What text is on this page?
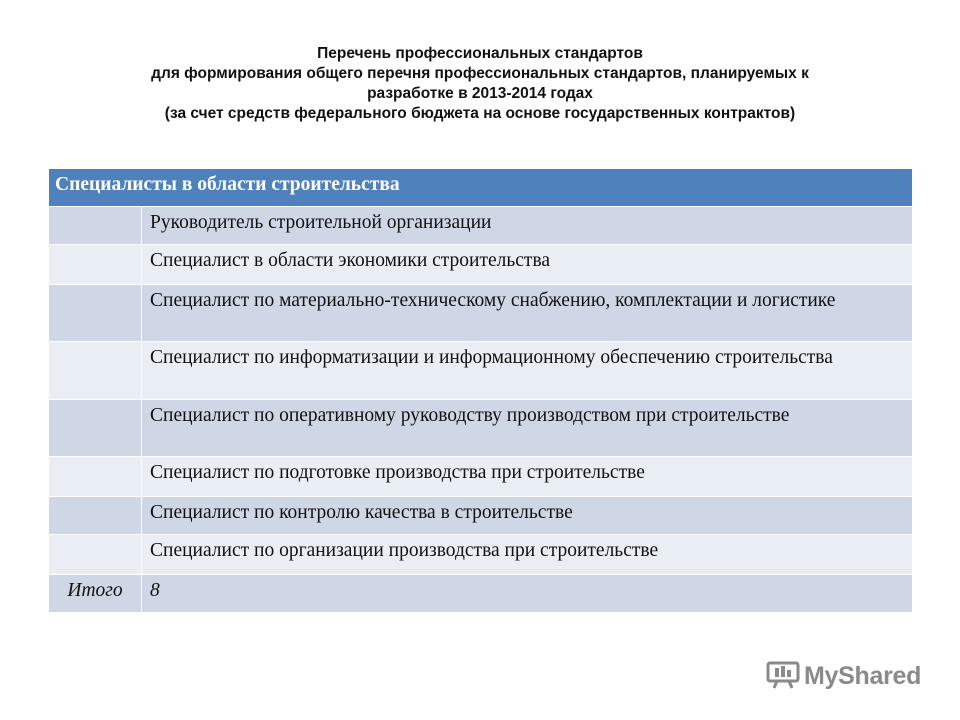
Перечень профессиональных стандартов
для формирования общего перечня профессиональных стандартов, планируемых к
разработке в 2013-2014 годах
(за счет средств федерального бюджета на основе государственных контрактов)
Специалисты в области строительства	
	Руководитель строительной организации
	Специалист в области экономики строительства
	Специалист по материально-техническому снабжению, комплектации и логистике
	Специалист по информатизации и информационному обеспечению строительства
	Специалист по оперативному руководству производством при строительстве
	Специалист по подготовке производства при строительстве
	Специалист по контролю качества в строительстве
	Специалист по организации производства при строительстве
Итого	8
MyShared
